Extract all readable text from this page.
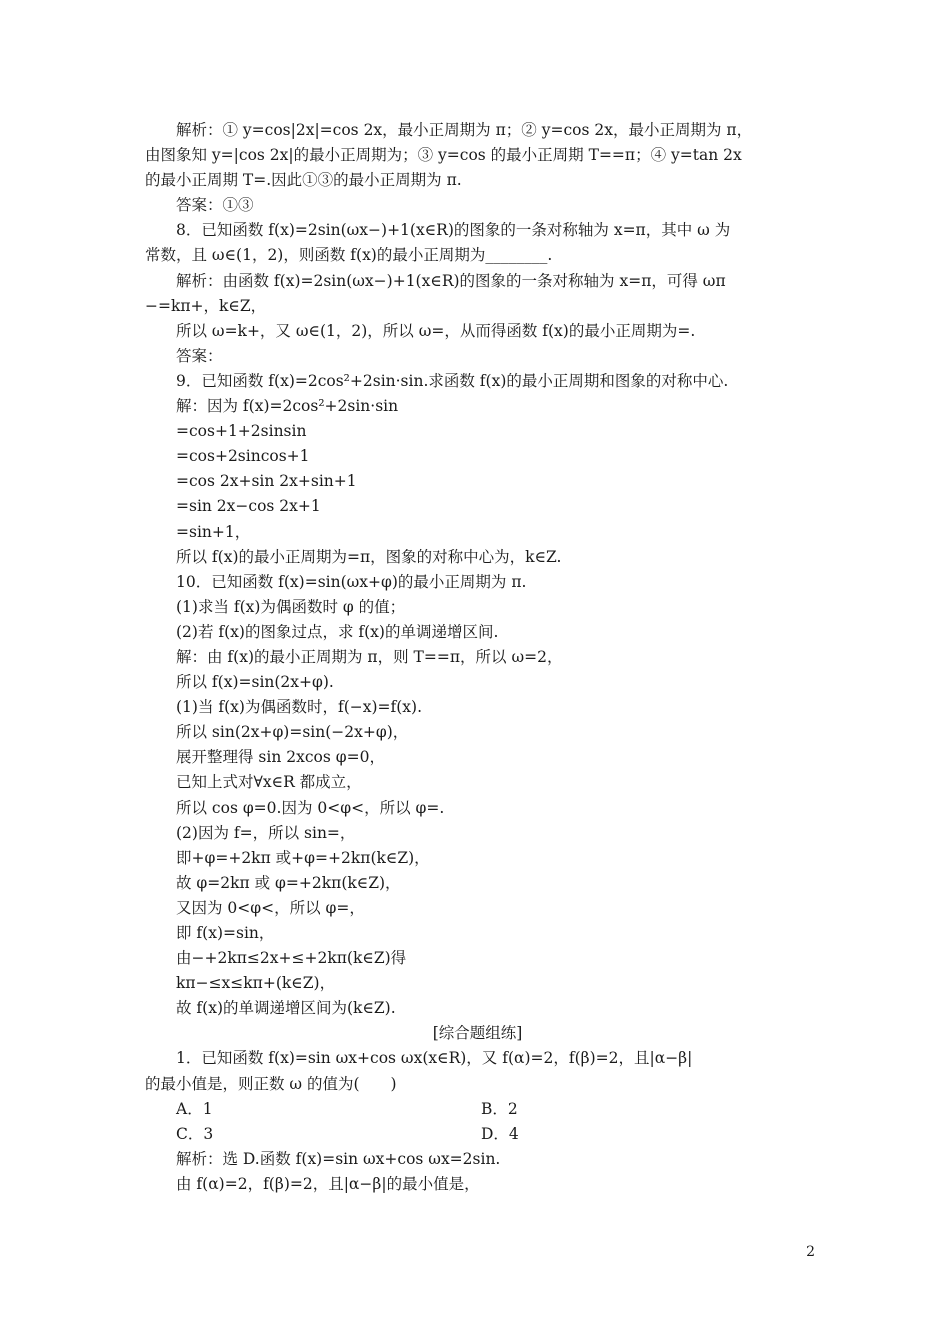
解析：① y=cos|2x|=cos 2x，最小正周期为 π；② y=cos 2x，最小正周期为 π，
由图象知 y=|cos 2x|的最小正周期为；③ y=cos 的最小正周期 T==π；④ y=tan 2x
的最小正周期 T=.因此①③的最小正周期为 π.
答案：①③
8．已知函数 f(x)=2sin(ωx−)+1(x∈R)的图象的一条对称轴为 x=π，其中 ω 为
常数，且 ω∈(1，2)，则函数 f(x)的最小正周期为________.
解析：由函数 f(x)=2sin(ωx−)+1(x∈R)的图象的一条对称轴为 x=π，可得 ωπ
−=kπ+，k∈Z，
所以 ω=k+，又 ω∈(1，2)，所以 ω=，从而得函数 f(x)的最小正周期为=.
答案：
9．已知函数 f(x)=2cos²+2sin·sin.求函数 f(x)的最小正周期和图象的对称中心.
解：因为 f(x)=2cos²+2sin·sin
=cos+1+2sinsin
=cos+2sincos+1
=cos 2x+sin 2x+sin+1
=sin 2x−cos 2x+1
=sin+1，
所以 f(x)的最小正周期为=π，图象的对称中心为，k∈Z.
10．已知函数 f(x)=sin(ωx+φ)的最小正周期为 π.
(1)求当 f(x)为偶函数时 φ 的值；
(2)若 f(x)的图象过点，求 f(x)的单调递增区间.
解：由 f(x)的最小正周期为 π，则 T==π，所以 ω=2，
所以 f(x)=sin(2x+φ).
(1)当 f(x)为偶函数时，f(−x)=f(x).
所以 sin(2x+φ)=sin(−2x+φ)，
展开整理得 sin 2xcos φ=0，
已知上式对∀x∈R 都成立，
所以 cos φ=0.因为 0<φ<，所以 φ=.
(2)因为 f=，所以 sin=，
即+φ=+2kπ 或+φ=+2kπ(k∈Z)，
故 φ=2kπ 或 φ=+2kπ(k∈Z)，
又因为 0<φ<，所以 φ=，
即 f(x)=sin，
由−+2kπ≤2x+≤+2kπ(k∈Z)得
kπ−≤x≤kπ+(k∈Z)，
故 f(x)的单调递增区间为(k∈Z).
[综合题组练]
1．已知函数 f(x)=sin ωx+cos ωx(x∈R)，又 f(α)=2，f(β)=2，且|α−β|
的最小值是，则正数 ω 的值为(　　)
A．1	B．2
C．3	D．4
解析：选 D.函数 f(x)=sin ωx+cos ωx=2sin.
由 f(α)=2，f(β)=2，且|α−β|的最小值是，
2
